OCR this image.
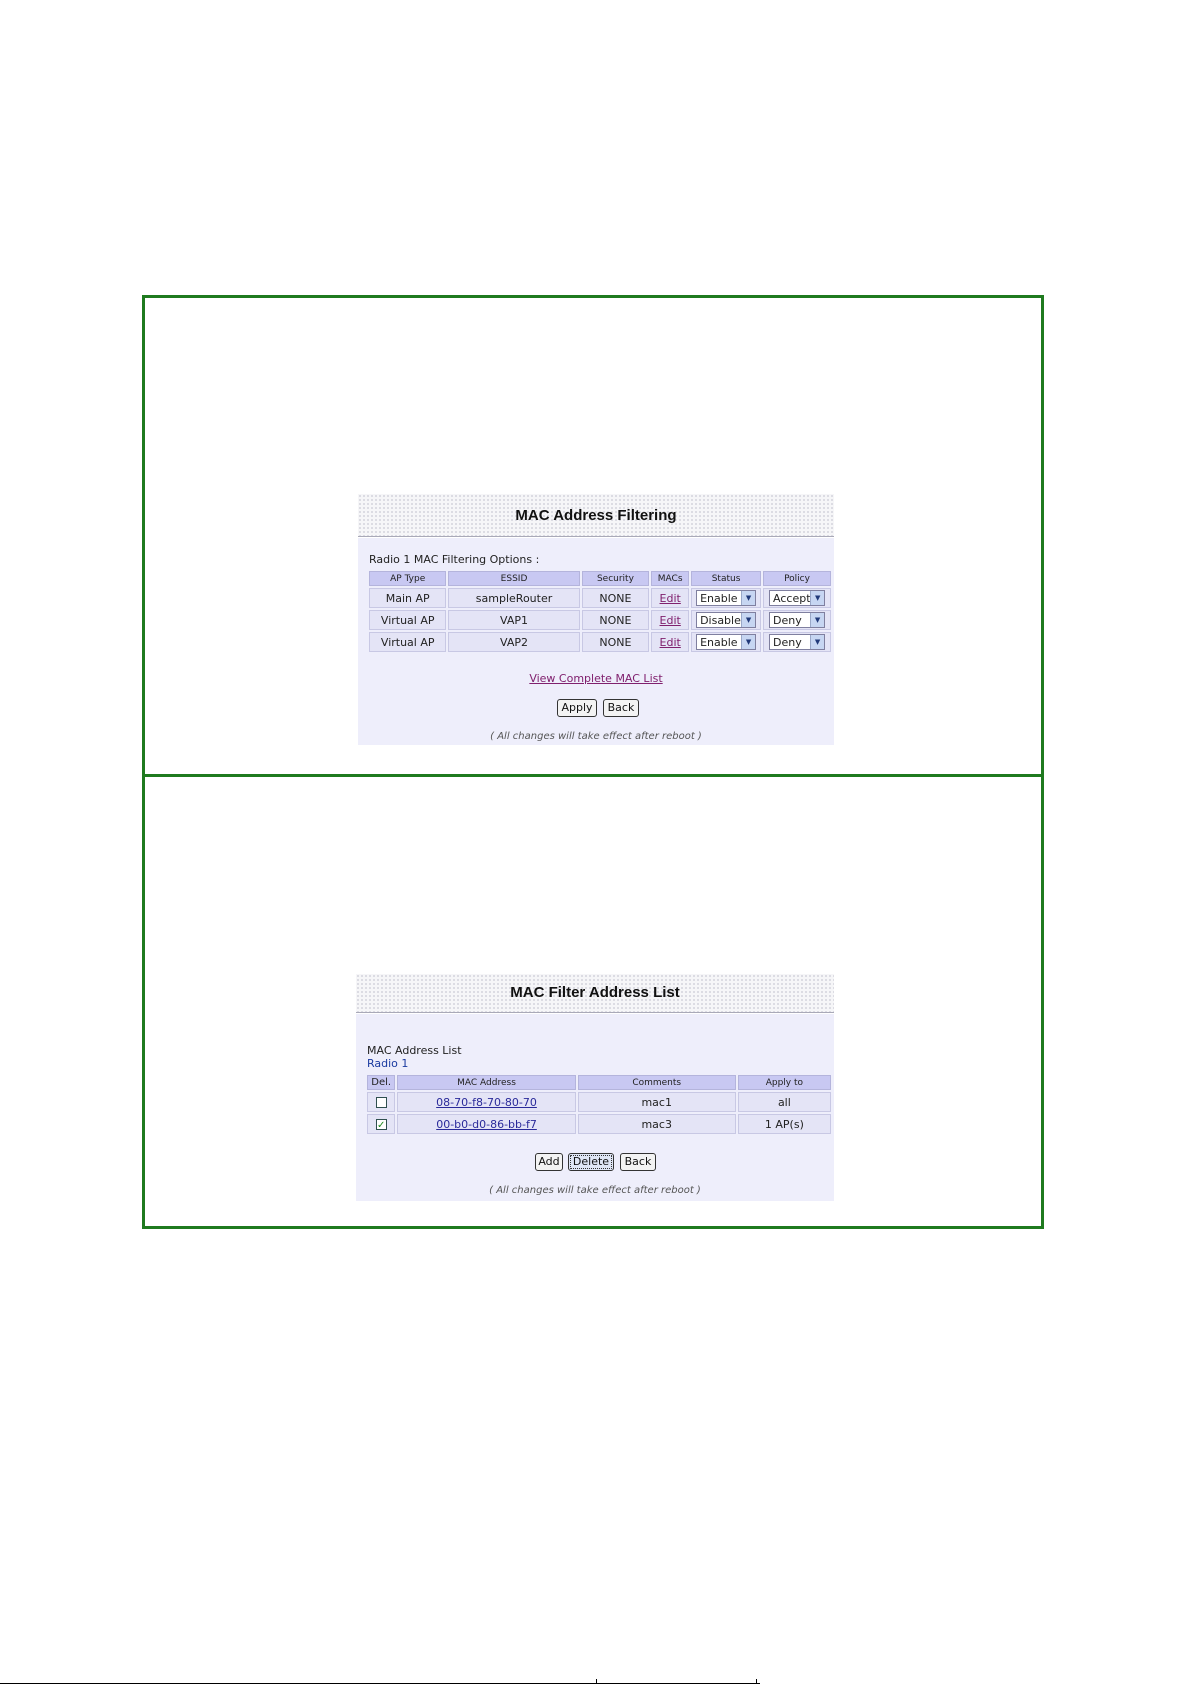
MAC Address Filtering
Radio 1 MAC Filtering Options :
AP Type	ESSID	Security	MACs	Status	Policy
Main AP	sampleRouter	NONE	Edit	Enable ▼	Accept ▼

Virtual AP	VAP1	NONE	Edit	Disable ▼	Deny ▼

Virtual AP	VAP2	NONE	Edit	Enable ▼	Deny ▼
View Complete MAC List
Apply	Back
( All changes will take effect after reboot )
MAC Filter Address List
MAC Address List
Radio 1
Del.	MAC Address	Comments	Apply to
	08-70-f8-70-80-70	mac1	all
✓	00-b0-d0-86-bb-f7	mac3	1 AP(s)
Add	Delete	Back
( All changes will take effect after reboot )
